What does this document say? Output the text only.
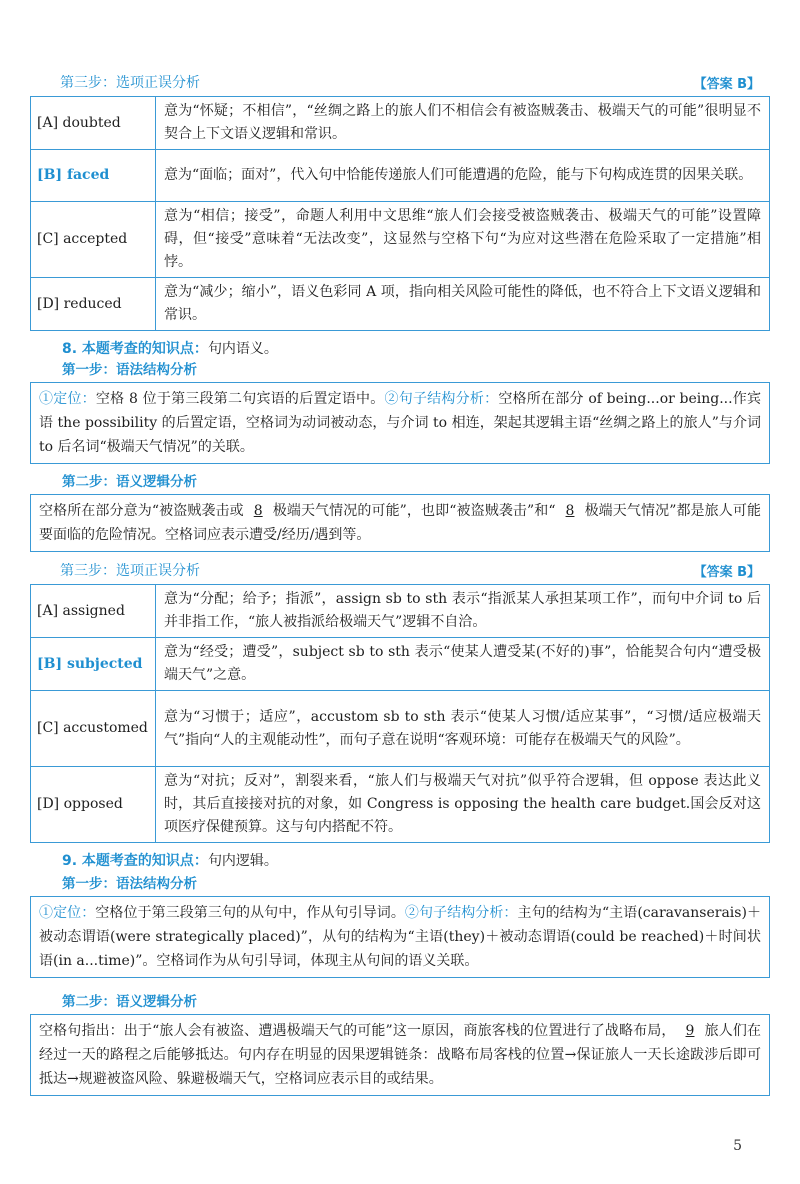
第三步：选项正误分析	【答案 B】
[A] doubted	意为“怀疑；不相信”，“丝绸之路上的旅人们不相信会有被盗贼袭击、极端天气的可能”很明显不契合上下文语义逻辑和常识。
[B] faced	意为“面临；面对”，代入句中恰能传递旅人们可能遭遇的危险，能与下句构成连贯的因果关联。
[C] accepted	意为“相信；接受”，命题人利用中文思维“旅人们会接受被盗贼袭击、极端天气的可能”设置障碍，但“接受”意味着“无法改变”，这显然与空格下句“为应对这些潜在危险采取了一定措施”相悖。
[D] reduced	意为“减少；缩小”，语义色彩同 A 项，指向相关风险可能性的降低，也不符合上下文语义逻辑和常识。
8. 本题考查的知识点：句内语义。
第一步：语法结构分析
①定位：空格 8 位于第三段第二句宾语的后置定语中。②句子结构分析：空格所在部分 of being...or being...作宾语 the possibility 的后置定语，空格词为动词被动态，与介词 to 相连，架起其逻辑主语“丝绸之路上的旅人”与介词 to 后名词“极端天气情况”的关联。
第二步：语义逻辑分析
空格所在部分意为“被盗贼袭击或 8 极端天气情况的可能”，也即“被盗贼袭击”和“ 8 极端天气情况”都是旅人可能要面临的危险情况。空格词应表示遭受/经历/遇到等。
第三步：选项正误分析	【答案 B】
[A] assigned	意为“分配；给予；指派”，assign sb to sth 表示“指派某人承担某项工作”，而句中介词 to 后并非指工作，“旅人被指派给极端天气”逻辑不自洽。
[B] subjected	意为“经受；遭受”，subject sb to sth 表示“使某人遭受某(不好的)事”，恰能契合句内“遭受极端天气”之意。
[C] accustomed	意为“习惯于；适应”，accustom sb to sth 表示“使某人习惯/适应某事”，“习惯/适应极端天气”指向“人的主观能动性”，而句子意在说明“客观环境：可能存在极端天气的风险”。
[D] opposed	意为“对抗；反对”，割裂来看，“旅人们与极端天气对抗”似乎符合逻辑，但 oppose 表达此义时，其后直接接对抗的对象，如 Congress is opposing the health care budget.国会反对这项医疗保健预算。这与句内搭配不符。
9. 本题考查的知识点：句内逻辑。
第一步：语法结构分析
①定位：空格位于第三段第三句的从句中，作从句引导词。②句子结构分析：主句的结构为“主语(caravanserais)＋被动态谓语(were strategically placed)”，从句的结构为“主语(they)＋被动态谓语(could be reached)＋时间状语(in a...time)”。空格词作为从句引导词，体现主从句间的语义关联。
第二步：语义逻辑分析
空格句指出：出于“旅人会有被盗、遭遇极端天气的可能”这一原因，商旅客栈的位置进行了战略布局， 9 旅人们在经过一天的路程之后能够抵达。句内存在明显的因果逻辑链条：战略布局客栈的位置→保证旅人一天长途跋涉后即可抵达→规避被盗风险、躲避极端天气，空格词应表示目的或结果。
5
